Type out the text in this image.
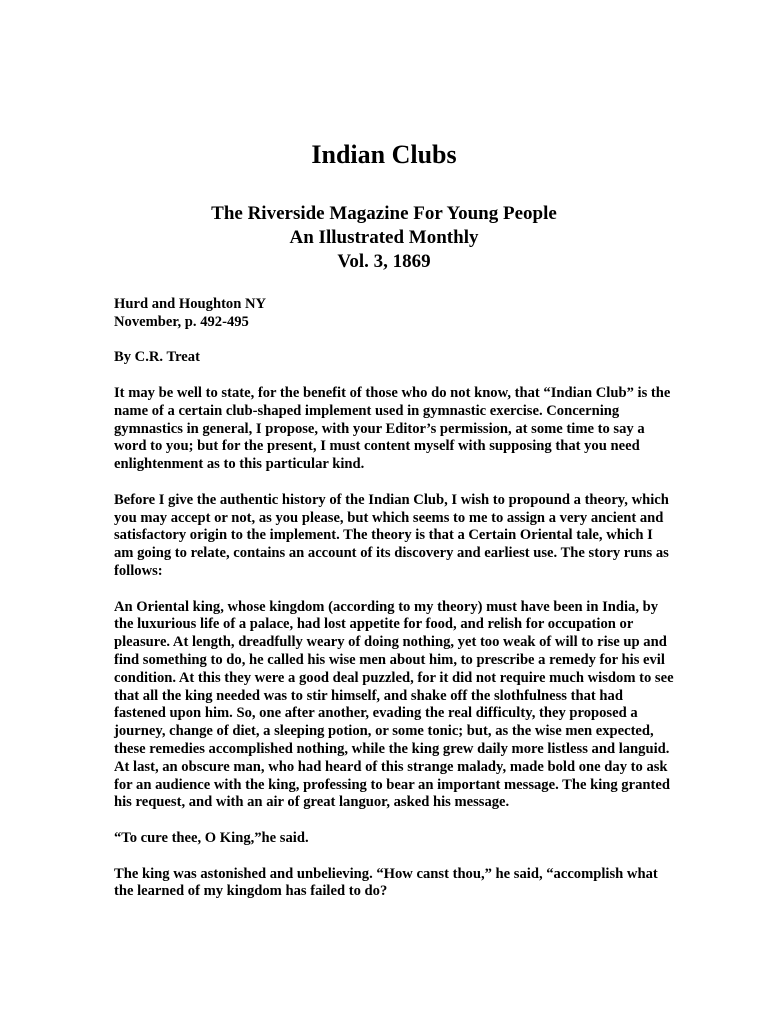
Indian Clubs
The Riverside Magazine For Young People
An Illustrated Monthly
Vol. 3, 1869

Hurd and Houghton NY
November, p. 492-495

By C.R. Treat

It may be well to state, for the benefit of those who do not know, that “Indian Club” is the name of a certain club-shaped implement used in gymnastic exercise. Concerning gymnastics in general, I propose, with your Editor’s permission, at some time to say a word to you; but for the present, I must content myself with supposing that you need enlightenment as to this particular kind.

Before I give the authentic history of the Indian Club, I wish to propound a theory, which you may accept or not, as you please, but which seems to me to assign a very ancient and satisfactory origin to the implement. The theory is that a Certain Oriental tale, which I am going to relate, contains an account of its discovery and earliest use. The story runs as follows:

An Oriental king, whose kingdom (according to my theory) must have been in India, by the luxurious life of a palace, had lost appetite for food, and relish for occupation or pleasure. At length, dreadfully weary of doing nothing, yet too weak of will to rise up and find something to do, he called his wise men about him, to prescribe a remedy for his evil condition. At this they were a good deal puzzled, for it did not require much wisdom to see that all the king needed was to stir himself, and shake off the slothfulness that had fastened upon him. So, one after another, evading the real difficulty, they proposed a journey, change of diet, a sleeping potion, or some tonic; but, as the wise men expected, these remedies accomplished nothing, while the king grew daily more listless and languid. At last, an obscure man, who had heard of this strange malady, made bold one day to ask for an audience with the king, professing to bear an important message. The king granted his request, and with an air of great languor, asked his message.

“To cure thee, O King,”he said.

The king was astonished and unbelieving. “How canst thou,” he said, “accomplish what the learned of my kingdom has failed to do?
